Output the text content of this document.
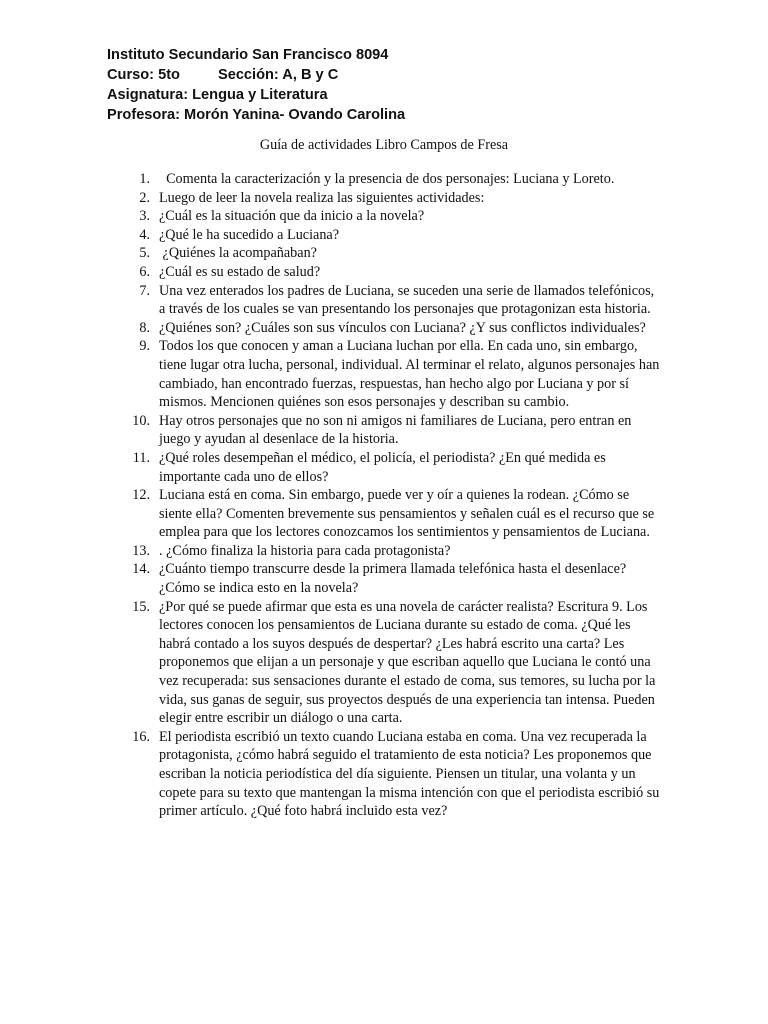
Instituto Secundario San Francisco 8094
Curso: 5to	Sección: A, B y C
Asignatura: Lengua y Literatura
Profesora: Morón Yanina- Ovando Carolina
Guía de actividades Libro Campos de Fresa
1. Comenta la caracterización y la presencia de dos personajes: Luciana y Loreto.
2. Luego de leer la novela realiza las siguientes actividades:
3. ¿Cuál es la situación que da inicio a la novela?
4. ¿Qué le ha sucedido a Luciana?
5. ¿Quiénes la acompañaban?
6. ¿Cuál es su estado de salud?
7. Una vez enterados los padres de Luciana, se suceden una serie de llamados telefónicos, a través de los cuales se van presentando los personajes que protagonizan esta historia.
8. ¿Quiénes son? ¿Cuáles son sus vínculos con Luciana? ¿Y sus conflictos individuales?
9. Todos los que conocen y aman a Luciana luchan por ella. En cada uno, sin embargo, tiene lugar otra lucha, personal, individual. Al terminar el relato, algunos personajes han cambiado, han encontrado fuerzas, respuestas, han hecho algo por Luciana y por sí mismos. Mencionen quiénes son esos personajes y describan su cambio.
10. Hay otros personajes que no son ni amigos ni familiares de Luciana, pero entran en juego y ayudan al desenlace de la historia.
11. ¿Qué roles desempeñan el médico, el policía, el periodista? ¿En qué medida es importante cada uno de ellos?
12. Luciana está en coma. Sin embargo, puede ver y oír a quienes la rodean. ¿Cómo se siente ella? Comenten brevemente sus pensamientos y señalen cuál es el recurso que se emplea para que los lectores conozcamos los sentimientos y pensamientos de Luciana.
13. . ¿Cómo finaliza la historia para cada protagonista?
14. ¿Cuánto tiempo transcurre desde la primera llamada telefónica hasta el desenlace? ¿Cómo se indica esto en la novela?
15. ¿Por qué se puede afirmar que esta es una novela de carácter realista? Escritura 9. Los lectores conocen los pensamientos de Luciana durante su estado de coma. ¿Qué les habrá contado a los suyos después de despertar? ¿Les habrá escrito una carta? Les proponemos que elijan a un personaje y que escriban aquello que Luciana le contó una vez recuperada: sus sensaciones durante el estado de coma, sus temores, su lucha por la vida, sus ganas de seguir, sus proyectos después de una experiencia tan intensa. Pueden elegir entre escribir un diálogo o una carta.
16. El periodista escribió un texto cuando Luciana estaba en coma. Una vez recuperada la protagonista, ¿cómo habrá seguido el tratamiento de esta noticia? Les proponemos que escriban la noticia periodística del día siguiente. Piensen un titular, una volanta y un copete para su texto que mantengan la misma intención con que el periodista escribió su primer artículo. ¿Qué foto habrá incluido esta vez?
